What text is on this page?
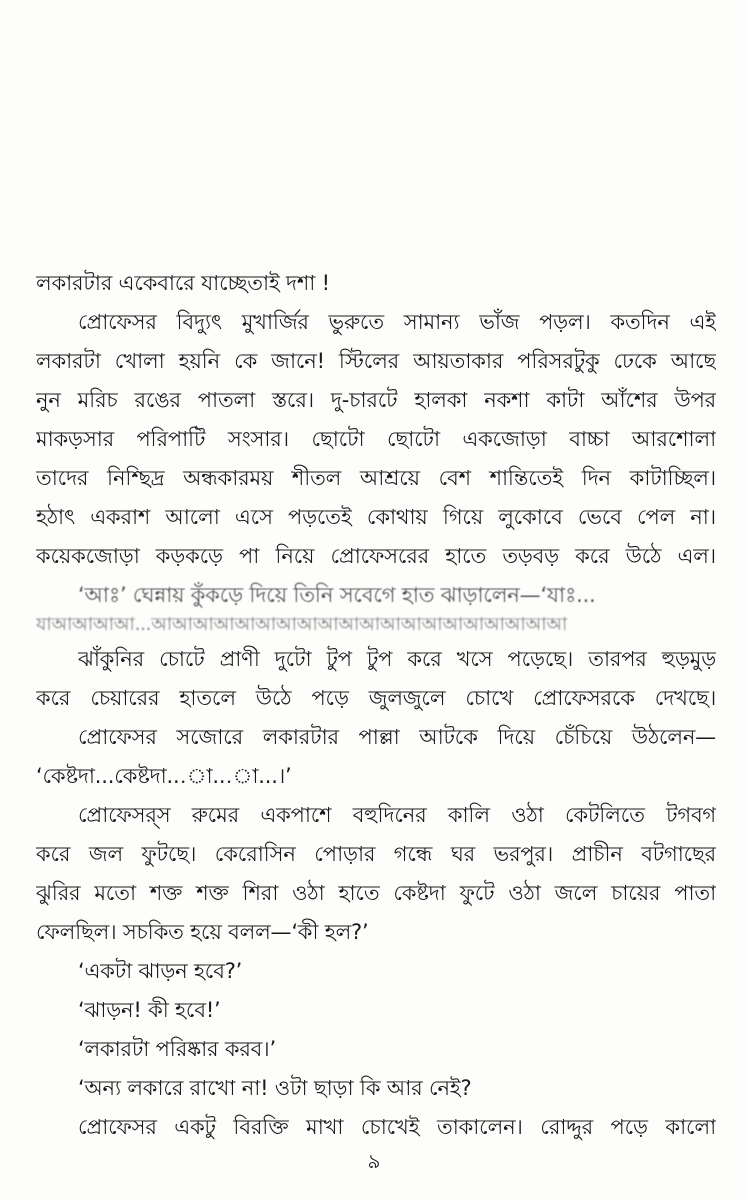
লকারটার একেবারে যাচ্ছেতাই দশা !
প্রোফেসর বিদ্যুৎ মুখার্জির ভুরুতে সামান্য ভাঁজ পড়ল। কতদিন এই
লকারটা খোলা হয়নি কে জানে! স্টিলের আয়তাকার পরিসরটুকু ঢেকে আছে
নুন মরিচ রঙের পাতলা স্তরে। দু-চারটে হালকা নকশা কাটা আঁশের উপর
মাকড়সার পরিপাটি সংসার। ছোটো ছোটো একজোড়া বাচ্চা আরশোলা
তাদের নিশ্ছিদ্র অন্ধকারময় শীতল আশ্রয়ে বেশ শান্তিতেই দিন কাটাচ্ছিল।
হঠাৎ একরাশ আলো এসে পড়তেই কোথায় গিয়ে লুকোবে ভেবে পেল না।
কয়েকজোড়া কড়কড়ে পা নিয়ে প্রোফেসরের হাতে তড়বড় করে উঠে এল।
‘আঃ’ ঘেন্নায় কুঁকড়ে দিয়ে তিনি সবেগে হাত ঝাড়ালেন—‘যাঃ...
যাআআআআ...আআআআআআআআআআআআআআআআআআআআ
ঝাঁকুনির চোটে প্রাণী দুটো টুপ টুপ করে খসে পড়েছে। তারপর হুড়মুড়
করে চেয়ারের হাতলে উঠে পড়ে জুলজুলে চোখে প্রোফেসরকে দেখছে।
প্রোফেসর সজোরে লকারটার পাল্লা আটকে দিয়ে চেঁচিয়ে উঠলেন—
‘কেষ্টদা...কেষ্টদা...া...া...।’
প্রোফেসর্‌স রুমের একপাশে বহুদিনের কালি ওঠা কেটলিতে টগবগ
করে জল ফুটছে। কেরোসিন পোড়ার গন্ধে ঘর ভরপুর। প্রাচীন বটগাছের
ঝুরির মতো শক্ত শক্ত শিরা ওঠা হাতে কেষ্টদা ফুটে ওঠা জলে চায়ের পাতা
ফেলছিল। সচকিত হয়ে বলল—‘কী হল?’
‘একটা ঝাড়ন হবে?’
‘ঝাড়ন! কী হবে!’
‘লকারটা পরিষ্কার করব।’
‘অন্য লকারে রাখো না! ওটা ছাড়া কি আর নেই?
প্রোফেসর একটু বিরক্তি মাখা চোখেই তাকালেন। রোদ্দুর পড়ে কালো
৯
